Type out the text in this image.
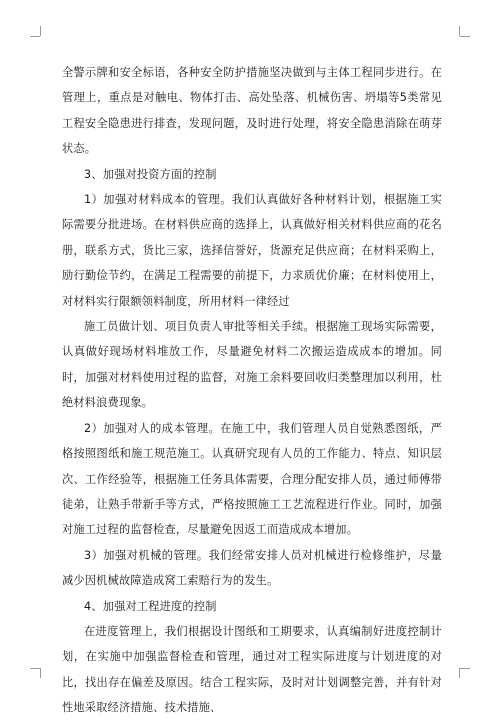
全警示牌和安全标语，各种安全防护措施坚决做到与主体工程同步进行。在管理上，重点是对触电、物体打击、高处坠落、机械伤害、坍塌等5类常见工程安全隐患进行排查，发现问题，及时进行处理，将安全隐患消除在萌芽状态。

3、加强对投资方面的控制

1）加强对材料成本的管理。我们认真做好各种材料计划，根据施工实际需要分批进场。在材料供应商的选择上，认真做好相关材料供应商的花名册，联系方式，货比三家，选择信誉好，货源充足供应商；在材料采购上，励行勤俭节约，在满足工程需要的前提下，力求质优价廉；在材料使用上，对材料实行限额领料制度，所用材料一律经过

施工员做计划、项目负责人审批等相关手续。根据施工现场实际需要，认真做好现场材料堆放工作，尽量避免材料二次搬运造成成本的增加。同时，加强对材料使用过程的监督，对施工余料要回收归类整理加以利用，杜绝材料浪费现象。

2）加强对人的成本管理。在施工中，我们管理人员自觉熟悉图纸，严格按照图纸和施工规范施工。认真研究现有人员的工作能力、特点、知识层次、工作经验等，根据施工任务具体需要，合理分配安排人员，通过师傅带徒弟，让熟手带新手等方式，严格按照施工工艺流程进行作业。同时，加强对施工过程的监督检查，尽量避免因返工而造成成本增加。

3）加强对机械的管理。我们经常安排人员对机械进行检修维护，尽量减少因机械故障造成窝工索赔行为的发生。

4、加强对工程进度的控制

在进度管理上，我们根据设计图纸和工期要求，认真编制好进度控制计划，在实施中加强监督检查和管理，通过对工程实际进度与计划进度的对比，找出存在偏差及原因。结合工程实际，及时对计划调整完善，并有针对性地采取经济措施、技术措施、
